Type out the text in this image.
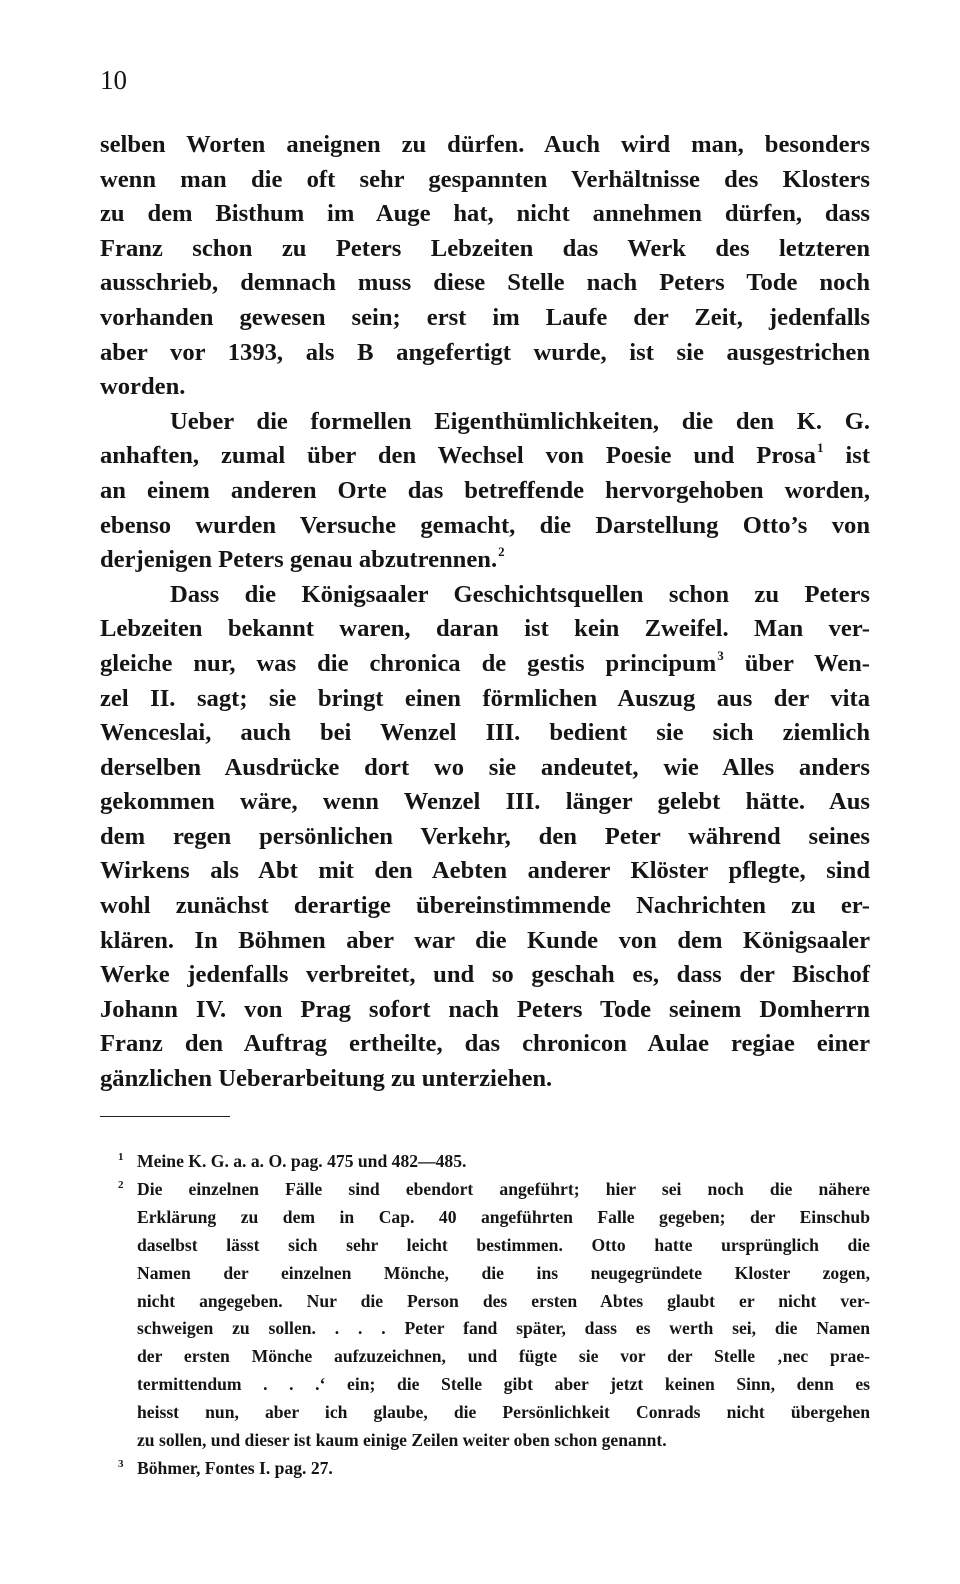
10
selben Worten aneignen zu dürfen. Auch wird man, besonders
wenn man die oft sehr gespannten Verhältnisse des Klosters
zu dem Bisthum im Auge hat, nicht annehmen dürfen, dass
Franz schon zu Peters Lebzeiten das Werk des letzteren
ausschrieb, demnach muss diese Stelle nach Peters Tode noch
vorhanden gewesen sein; erst im Laufe der Zeit, jedenfalls
aber vor 1393, als B angefertigt wurde, ist sie ausgestrichen
worden.
Ueber die formellen Eigenthümlichkeiten, die den K. G.
anhaften, zumal über den Wechsel von Poesie und Prosa$^1$ ist
an einem anderen Orte das betreffende hervorgehoben worden,
ebenso wurden Versuche gemacht, die Darstellung Otto’s von
derjenigen Peters genau abzutrennen.$^2$
Dass die Königsaaler Geschichtsquellen schon zu Peters
Lebzeiten bekannt waren, daran ist kein Zweifel. Man ver-
gleiche nur, was die chronica de gestis principum$^3$ über Wen-
zel II. sagt; sie bringt einen förmlichen Auszug aus der vita
Wenceslai, auch bei Wenzel III. bedient sie sich ziemlich
derselben Ausdrücke dort wo sie andeutet, wie Alles anders
gekommen wäre, wenn Wenzel III. länger gelebt hätte. Aus
dem regen persönlichen Verkehr, den Peter während seines
Wirkens als Abt mit den Aebten anderer Klöster pflegte, sind
wohl zunächst derartige übereinstimmende Nachrichten zu er-
klären. In Böhmen aber war die Kunde von dem Königsaaler
Werke jedenfalls verbreitet, und so geschah es, dass der Bischof
Johann IV. von Prag sofort nach Peters Tode seinem Domherrn
Franz den Auftrag ertheilte, das chronicon Aulae regiae einer
gänzlichen Ueberarbeitung zu unterziehen.
1 Meine K. G. a. a. O. pag. 475 und 482—485.
2 Die einzelnen Fälle sind ebendort angeführt; hier sei noch die nähere
Erklärung zu dem in Cap. 40 angeführten Falle gegeben; der Einschub
daselbst lässt sich sehr leicht bestimmen. Otto hatte ursprünglich die
Namen der einzelnen Mönche, die ins neugegründete Kloster zogen,
nicht angegeben. Nur die Person des ersten Abtes glaubt er nicht ver-
schweigen zu sollen. . . . Peter fand später, dass es werth sei, die Namen
der ersten Mönche aufzuzeichnen, und fügte sie vor der Stelle ‚nec prae-
termittendum . . .‘ ein; die Stelle gibt aber jetzt keinen Sinn, denn es
heisst nun, aber ich glaube, die Persönlichkeit Conrads nicht übergehen
zu sollen, und dieser ist kaum einige Zeilen weiter oben schon genannt.
3 Böhmer, Fontes I. pag. 27.
